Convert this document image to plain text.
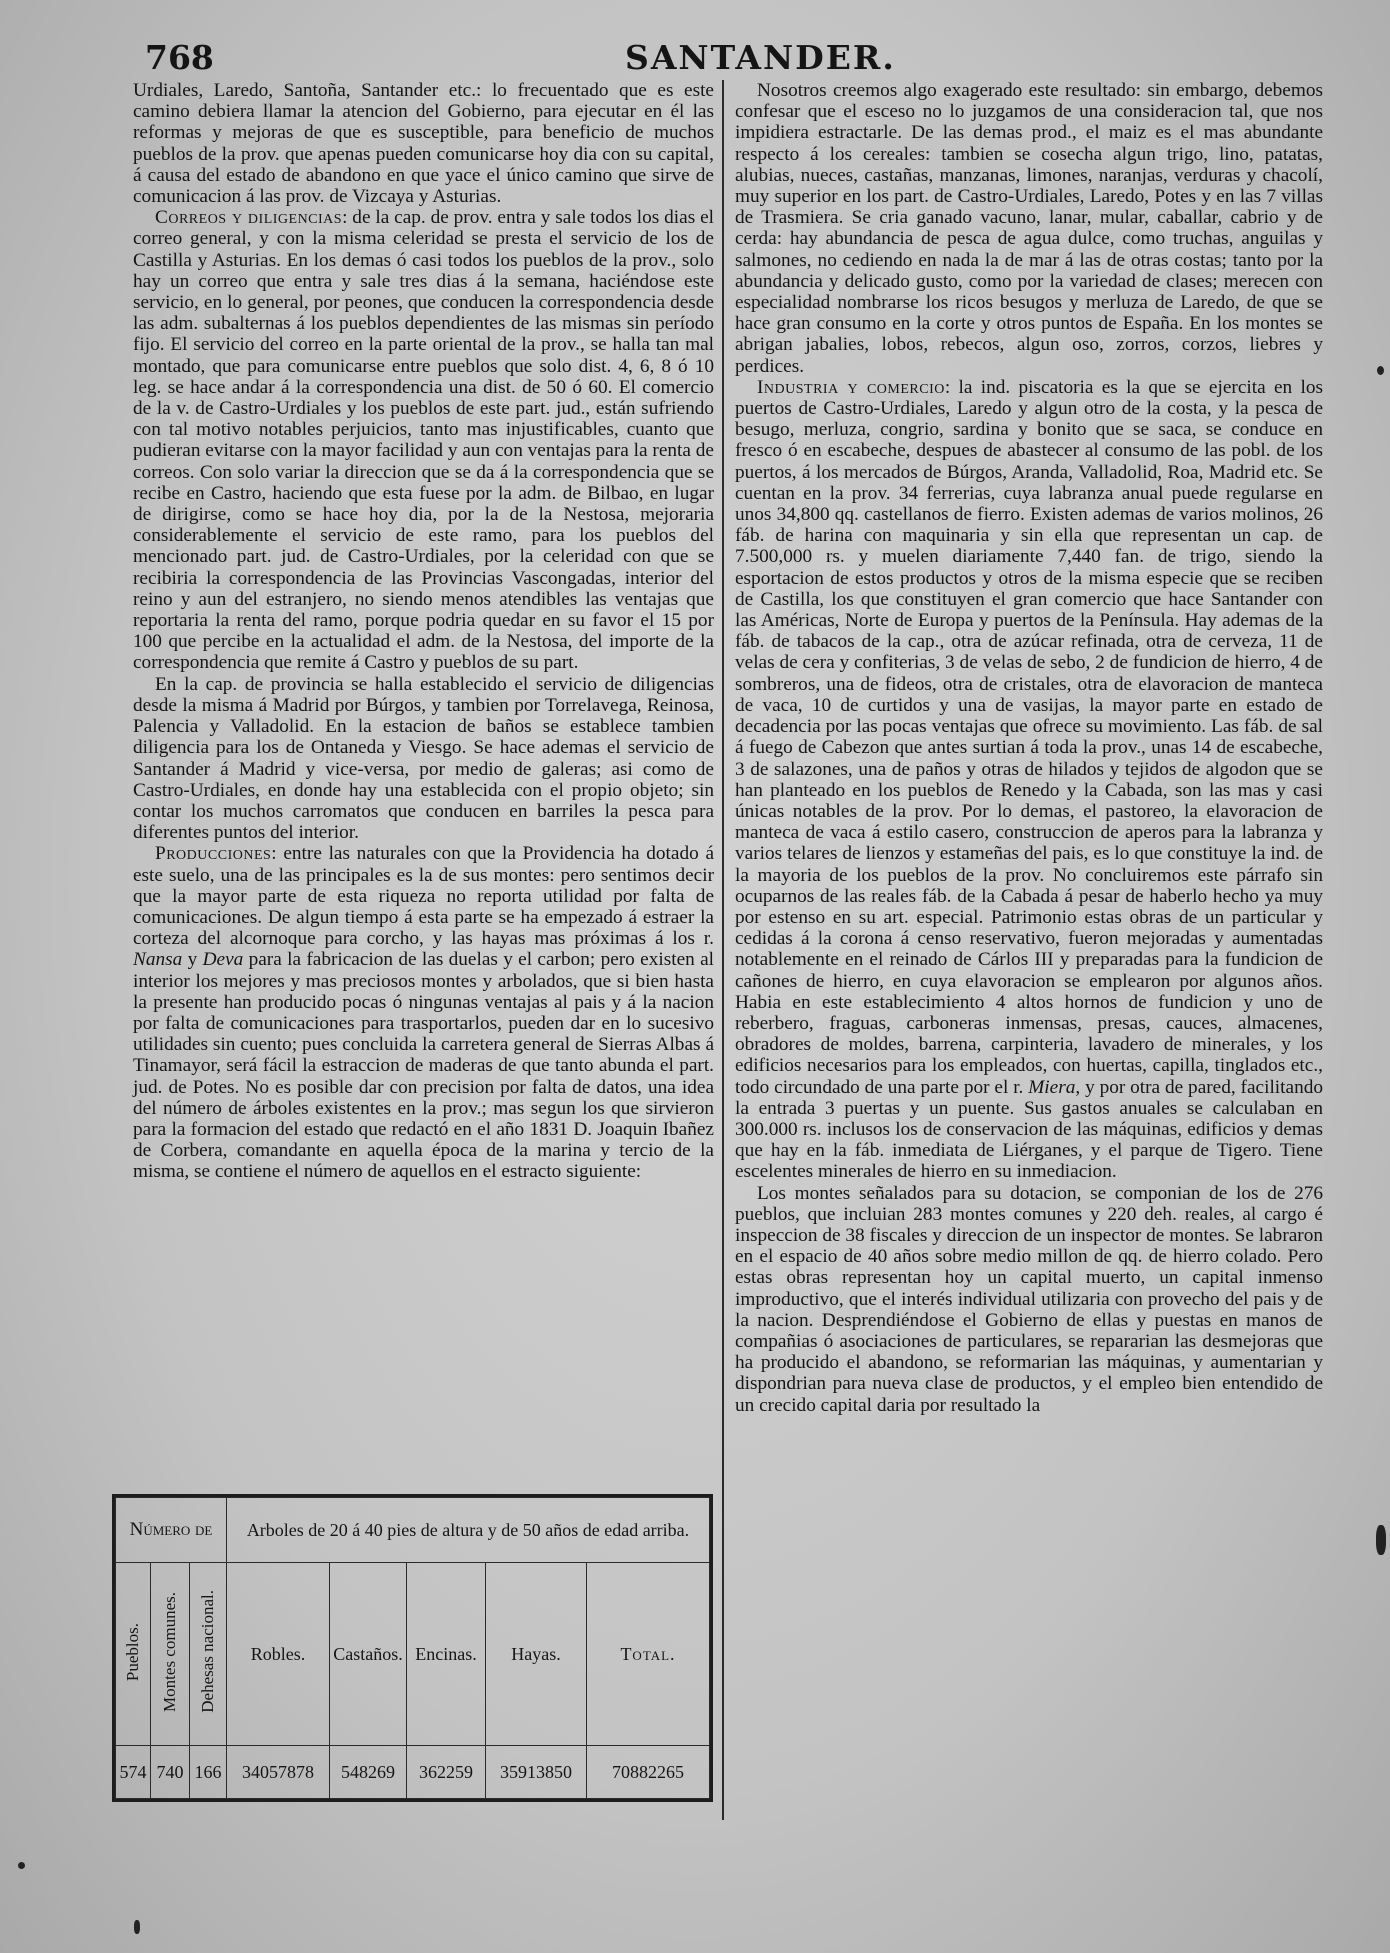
768	SANTANDER.

Urdiales, Laredo, Santoña, Santander etc.: lo frecuentado que es este camino debiera llamar la atencion del Gobierno, para ejecutar en él las reformas y mejoras de que es susceptible, para beneficio de muchos pueblos de la prov. que apenas pueden comunicarse hoy dia con su capital, á causa del estado de abandono en que yace el único camino que sirve de comunicacion á las prov. de Vizcaya y Asturias.

Correos y diligencias: de la cap. de prov. entra y sale todos los dias el correo general, y con la misma celeridad se presta el servicio de los de Castilla y Asturias. En los demas ó casi todos los pueblos de la prov., solo hay un correo que entra y sale tres dias á la semana, haciéndose este servicio, en lo general, por peones, que conducen la correspondencia desde las adm. subalternas á los pueblos dependientes de las mismas sin período fijo. El servicio del correo en la parte oriental de la prov., se halla tan mal montado, que para comunicarse entre pueblos que solo dist. 4, 6, 8 ó 10 leg. se hace andar á la correspondencia una dist. de 50 ó 60. El comercio de la v. de Castro-Urdiales y los pueblos de este part. jud., están sufriendo con tal motivo notables perjuicios, tanto mas injustificables, cuanto que pudieran evitarse con la mayor facilidad y aun con ventajas para la renta de correos. Con solo variar la direccion que se da á la correspondencia que se recibe en Castro, haciendo que esta fuese por la adm. de Bilbao, en lugar de dirigirse, como se hace hoy dia, por la de la Nestosa, mejoraria considerablemente el servicio de este ramo, para los pueblos del mencionado part. jud. de Castro-Urdiales, por la celeridad con que se recibiria la correspondencia de las Provincias Vascongadas, interior del reino y aun del estranjero, no siendo menos atendibles las ventajas que reportaria la renta del ramo, porque podria quedar en su favor el 15 por 100 que percibe en la actualidad el adm. de la Nestosa, del importe de la correspondencia que remite á Castro y pueblos de su part.

En la cap. de provincia se halla establecido el servicio de diligencias desde la misma á Madrid por Búrgos, y tambien por Torrelavega, Reinosa, Palencia y Valladolid. En la estacion de baños se establece tambien diligencia para los de Ontaneda y Viesgo. Se hace ademas el servicio de Santander á Madrid y vice-versa, por medio de galeras; asi como de Castro-Urdiales, en donde hay una establecida con el propio objeto; sin contar los muchos carromatos que conducen en barriles la pesca para diferentes puntos del interior.

Producciones: entre las naturales con que la Providencia ha dotado á este suelo, una de las principales es la de sus montes: pero sentimos decir que la mayor parte de esta riqueza no reporta utilidad por falta de comunicaciones. De algun tiempo á esta parte se ha empezado á estraer la corteza del alcornoque para corcho, y las hayas mas próximas á los r. Nansa y Deva para la fabricacion de las duelas y el carbon; pero existen al interior los mejores y mas preciosos montes y arbolados, que si bien hasta la presente han producido pocas ó ningunas ventajas al pais y á la nacion por falta de comunicaciones para trasportarlos, pueden dar en lo sucesivo utilidades sin cuento; pues concluida la carretera general de Sierras Albas á Tinamayor, será fácil la estraccion de maderas de que tanto abunda el part. jud. de Potes. No es posible dar con precision por falta de datos, una idea del número de árboles existentes en la prov.; mas segun los que sirvieron para la formacion del estado que redactó en el año 1831 D. Joaquin Ibañez de Corbera, comandante en aquella época de la marina y tercio de la misma, se contiene el número de aquellos en el estracto siguiente:

Número de			Arboles de 20 á 40 pies de altura y de 50 años de edad arriba.				
Pueblos.	Montes comunes.	Dehesas nacional.	Robles.	Castaños.	Encinas.	Hayas.	Total.
574	740	166	34057878	548269	362259	35913850	70882265

Nosotros creemos algo exagerado este resultado: sin embargo, debemos confesar que el esceso no lo juzgamos de una consideracion tal, que nos impidiera estractarle. De las demas prod., el maiz es el mas abundante respecto á los cereales: tambien se cosecha algun trigo, lino, patatas, alubias, nueces, castañas, manzanas, limones, naranjas, verduras y chacolí, muy superior en los part. de Castro-Urdiales, Laredo, Potes y en las 7 villas de Trasmiera. Se cria ganado vacuno, lanar, mular, caballar, cabrio y de cerda: hay abundancia de pesca de agua dulce, como truchas, anguilas y salmones, no cediendo en nada la de mar á las de otras costas; tanto por la abundancia y delicado gusto, como por la variedad de clases; merecen con especialidad nombrarse los ricos besugos y merluza de Laredo, de que se hace gran consumo en la corte y otros puntos de España. En los montes se abrigan jabalies, lobos, rebecos, algun oso, zorros, corzos, liebres y perdices.

Industria y comercio: la ind. piscatoria es la que se ejercita en los puertos de Castro-Urdiales, Laredo y algun otro de la costa, y la pesca de besugo, merluza, congrio, sardina y bonito que se saca, se conduce en fresco ó en escabeche, despues de abastecer al consumo de las pobl. de los puertos, á los mercados de Búrgos, Aranda, Valladolid, Roa, Madrid etc. Se cuentan en la prov. 34 ferrerias, cuya labranza anual puede regularse en unos 34,800 qq. castellanos de fierro. Existen ademas de varios molinos, 26 fáb. de harina con maquinaria y sin ella que representan un cap. de 7.500,000 rs. y muelen diariamente 7,440 fan. de trigo, siendo la esportacion de estos productos y otros de la misma especie que se reciben de Castilla, los que constituyen el gran comercio que hace Santander con las Américas, Norte de Europa y puertos de la Península. Hay ademas de la fáb. de tabacos de la cap., otra de azúcar refinada, otra de cerveza, 11 de velas de cera y confiterias, 3 de velas de sebo, 2 de fundicion de hierro, 4 de sombreros, una de fideos, otra de cristales, otra de elavoracion de manteca de vaca, 10 de curtidos y una de vasijas, la mayor parte en estado de decadencia por las pocas ventajas que ofrece su movimiento. Las fáb. de sal á fuego de Cabezon que antes surtian á toda la prov., unas 14 de escabeche, 3 de salazones, una de paños y otras de hilados y tejidos de algodon que se han planteado en los pueblos de Renedo y la Cabada, son las mas y casi únicas notables de la prov. Por lo demas, el pastoreo, la elavoracion de manteca de vaca á estilo casero, construccion de aperos para la labranza y varios telares de lienzos y estameñas del pais, es lo que constituye la ind. de la mayoria de los pueblos de la prov. No concluiremos este párrafo sin ocuparnos de las reales fáb. de la Cabada á pesar de haberlo hecho ya muy por estenso en su art. especial. Patrimonio estas obras de un particular y cedidas á la corona á censo reservativo, fueron mejoradas y aumentadas notablemente en el reinado de Cárlos III y preparadas para la fundicion de cañones de hierro, en cuya elavoracion se emplearon por algunos años. Habia en este establecimiento 4 altos hornos de fundicion y uno de reberbero, fraguas, carboneras inmensas, presas, cauces, almacenes, obradores de moldes, barrena, carpinteria, lavadero de minerales, y los edificios necesarios para los empleados, con huertas, capilla, tinglados etc., todo circundado de una parte por el r. Miera, y por otra de pared, facilitando la entrada 3 puertas y un puente. Sus gastos anuales se calculaban en 300.000 rs. inclusos los de conservacion de las máquinas, edificios y demas que hay en la fáb. inmediata de Liérganes, y el parque de Tigero. Tiene escelentes minerales de hierro en su inmediacion.

Los montes señalados para su dotacion, se componian de los de 276 pueblos, que incluian 283 montes comunes y 220 deh. reales, al cargo é inspeccion de 38 fiscales y direccion de un inspector de montes. Se labraron en el espacio de 40 años sobre medio millon de qq. de hierro colado. Pero estas obras representan hoy un capital muerto, un capital inmenso improductivo, que el interés individual utilizaria con provecho del pais y de la nacion. Desprendiéndose el Gobierno de ellas y puestas en manos de compañias ó asociaciones de particulares, se repararian las desmejoras que ha producido el abandono, se reformarian las máquinas, y aumentarian y dispondrian para nueva clase de productos, y el empleo bien entendido de un crecido capital daria por resultado la
